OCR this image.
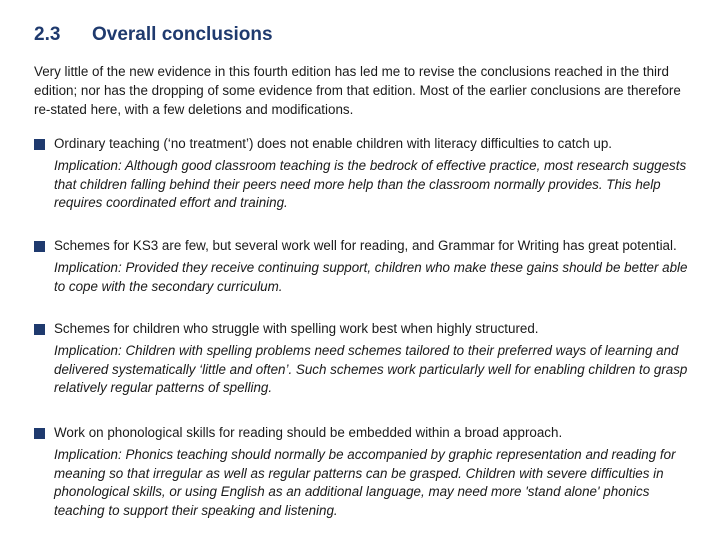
2.3	Overall conclusions

Very little of the new evidence in this fourth edition has led me to revise the conclusions reached in the third edition; nor has the dropping of some evidence from that edition. Most of the earlier conclusions are therefore re-stated here, with a few deletions and modifications.

Ordinary teaching (‘no treatment’) does not enable children with literacy difficulties to catch up.
Implication: Although good classroom teaching is the bedrock of effective practice, most research suggests that children falling behind their peers need more help than the classroom normally provides. This help requires coordinated effort and training.
Schemes for KS3 are few, but several work well for reading, and Grammar for Writing has great potential.
Implication: Provided they receive continuing support, children who make these gains should be better able to cope with the secondary curriculum.
Schemes for children who struggle with spelling work best when highly structured.
Implication: Children with spelling problems need schemes tailored to their preferred ways of learning and delivered systematically ‘little and often’. Such schemes work particularly well for enabling children to grasp relatively regular patterns of spelling.
Work on phonological skills for reading should be embedded within a broad approach.
Implication: Phonics teaching should normally be accompanied by graphic representation and reading for meaning so that irregular as well as regular patterns can be grasped. Children with severe difficulties in phonological skills, or using English as an additional language, may need more 'stand alone' phonics teaching to support their speaking and listening.
